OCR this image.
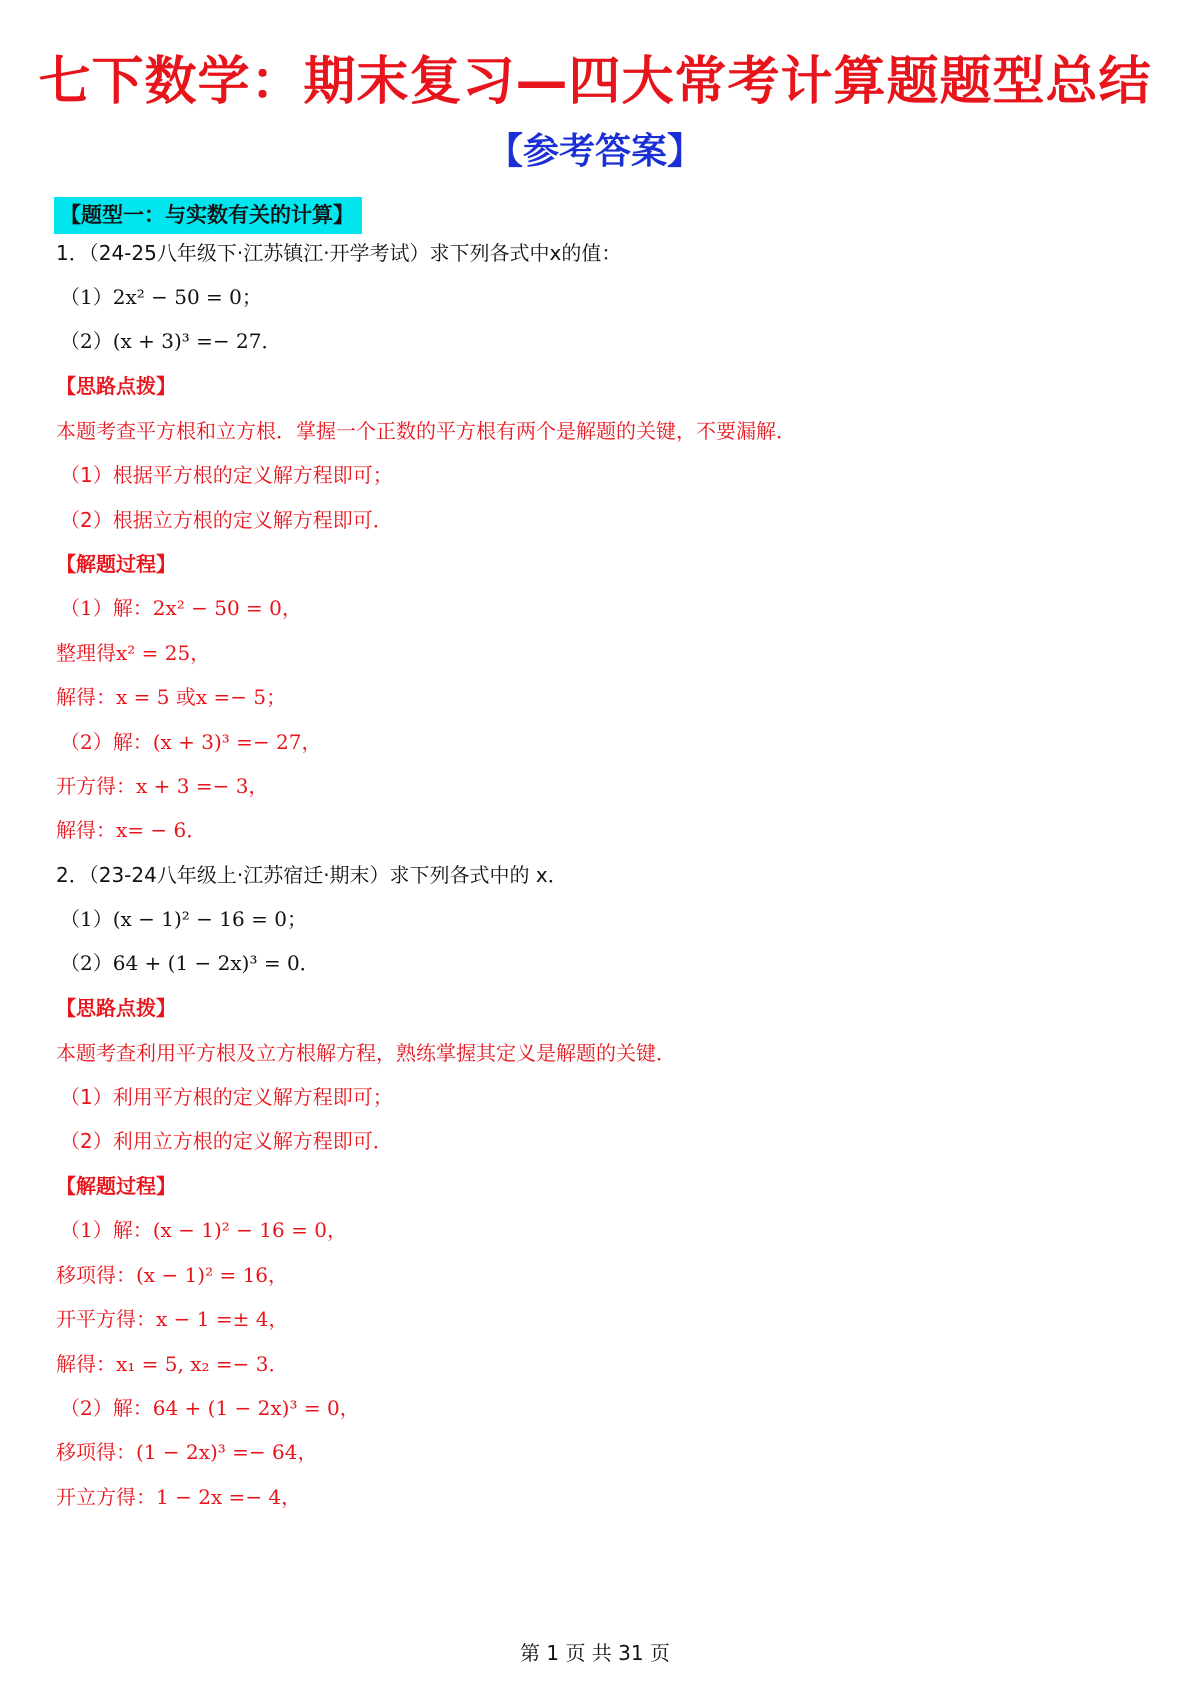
七下数学：期末复习—四大常考计算题题型总结
【参考答案】
【题型一：与实数有关的计算】
1．（24-25八年级下·江苏镇江·开学考试）求下列各式中x的值：
（1）2x² − 50 = 0；
（2）(x + 3)³ =− 27．
【思路点拨】
本题考查平方根和立方根．掌握一个正数的平方根有两个是解题的关键，不要漏解．
（1）根据平方根的定义解方程即可；
（2）根据立方根的定义解方程即可．
【解题过程】
（1）解：2x² − 50 = 0，
整理得x² = 25，
解得：x = 5 或x =− 5；
（2）解：(x + 3)³ =− 27，
开方得：x + 3 =− 3，
解得：x= − 6．
2．（23-24八年级上·江苏宿迁·期末）求下列各式中的 x．
（1）(x − 1)² − 16 = 0；
（2）64 + (1 − 2x)³ = 0．
【思路点拨】
本题考查利用平方根及立方根解方程，熟练掌握其定义是解题的关键．
（1）利用平方根的定义解方程即可；
（2）利用立方根的定义解方程即可．
【解题过程】
（1）解：(x − 1)² − 16 = 0，
移项得：(x − 1)² = 16，
开平方得：x − 1 =± 4，
解得：x₁ = 5, x₂ =− 3．
（2）解：64 + (1 − 2x)³ = 0，
移项得：(1 − 2x)³ =− 64，
开立方得：1 − 2x =− 4，
第 1 页 共 31 页
